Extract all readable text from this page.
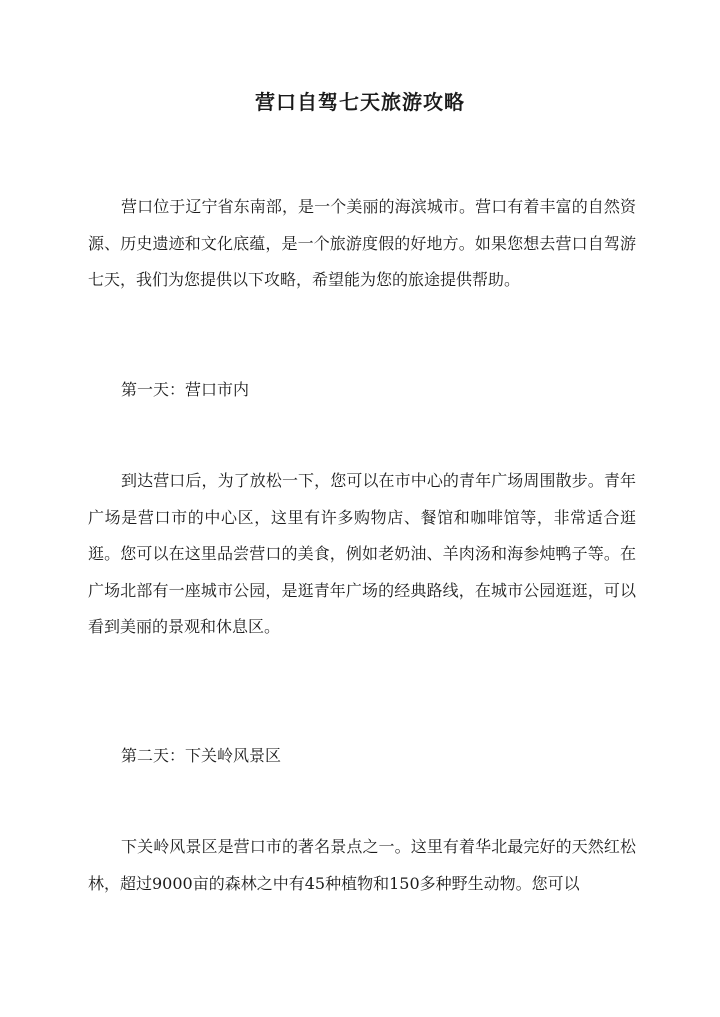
营口自驾七天旅游攻略

营口位于辽宁省东南部，是一个美丽的海滨城市。营口有着丰富的自然资源、历史遗迹和文化底蕴，是一个旅游度假的好地方。如果您想去营口自驾游七天，我们为您提供以下攻略，希望能为您的旅途提供帮助。

第一天：营口市内

到达营口后，为了放松一下，您可以在市中心的青年广场周围散步。青年广场是营口市的中心区，这里有许多购物店、餐馆和咖啡馆等，非常适合逛逛。您可以在这里品尝营口的美食，例如老奶油、羊肉汤和海参炖鸭子等。在广场北部有一座城市公园，是逛青年广场的经典路线，在城市公园逛逛，可以看到美丽的景观和休息区。

第二天：下关岭风景区

下关岭风景区是营口市的著名景点之一。这里有着华北最完好的天然红松林，超过9000亩的森林之中有45种植物和150多种野生动物。您可以
